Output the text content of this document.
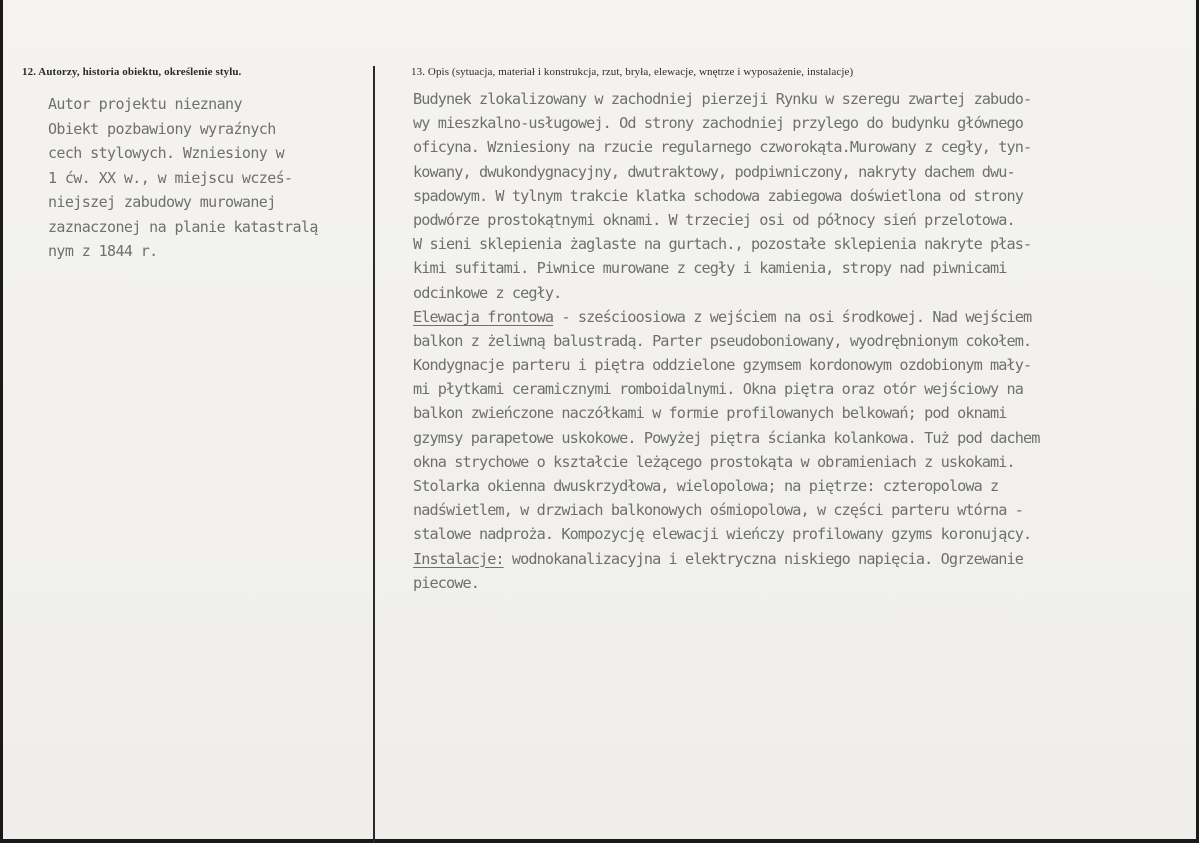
12. Autorzy, historia obiektu, określenie stylu.	13. Opis (sytuacja, materiał i konstrukcja, rzut, bryła, elewacje, wnętrze i wyposażenie, instalacje)
Autor projektu nieznany
Obiekt pozbawiony wyraźnych
cech stylowych. Wzniesiony w
1 ćw. XX w., w miejscu wcześ-
niejszej zabudowy murowanej
zaznaczonej na planie katastralą
nym z 1844 r.
Budynek zlokalizowany w zachodniej pierzeji Rynku w szeregu zwartej zabudo-
wy mieszkalno-usługowej. Od strony zachodniej przylego do budynku głównego
oficyna. Wzniesiony na rzucie regularnego czworokąta.Murowany z cegły, tyn-
kowany, dwukondygnacyjny, dwutraktowy, podpiwniczony, nakryty dachem dwu-
spadowym. W tylnym trakcie klatka schodowa zabiegowa doświetlona od strony
podwórze prostokątnymi oknami. W trzeciej osi od północy sień przelotowa.
W sieni sklepienia żaglaste na gurtach., pozostałe sklepienia nakryte płas-
kimi sufitami. Piwnice murowane z cegły i kamienia, stropy nad piwnicami
odcinkowe z cegły.
Elewacja frontowa - sześcioosiowa z wejściem na osi środkowej. Nad wejściem
balkon z żeliwną balustradą. Parter pseudoboniowany, wyodrębnionym cokołem.
Kondygnacje parteru i piętra oddzielone gzymsem kordonowym ozdobionym mały-
mi płytkami ceramicznymi romboidalnymi. Okna piętra oraz otór wejściowy na
balkon zwieńczone naczółkami w formie profilowanych belkowań; pod oknami
gzymsy parapetowe uskokowe. Powyżej piętra ścianka kolankowa. Tuż pod dachem
okna strychowe o kształcie leżącego prostokąta w obramieniach z uskokami.
Stolarka okienna dwuskrzydłowa, wielopolowa; na piętrze: czteropolowa z
nadświetlem, w drzwiach balkonowych ośmiopolowa, w części parteru wtórna -
stalowe nadproża. Kompozycję elewacji wieńczy profilowany gzyms koronujący.
Instalacje: wodnokanalizacyjna i elektryczna niskiego napięcia. Ogrzewanie
piecowe.
